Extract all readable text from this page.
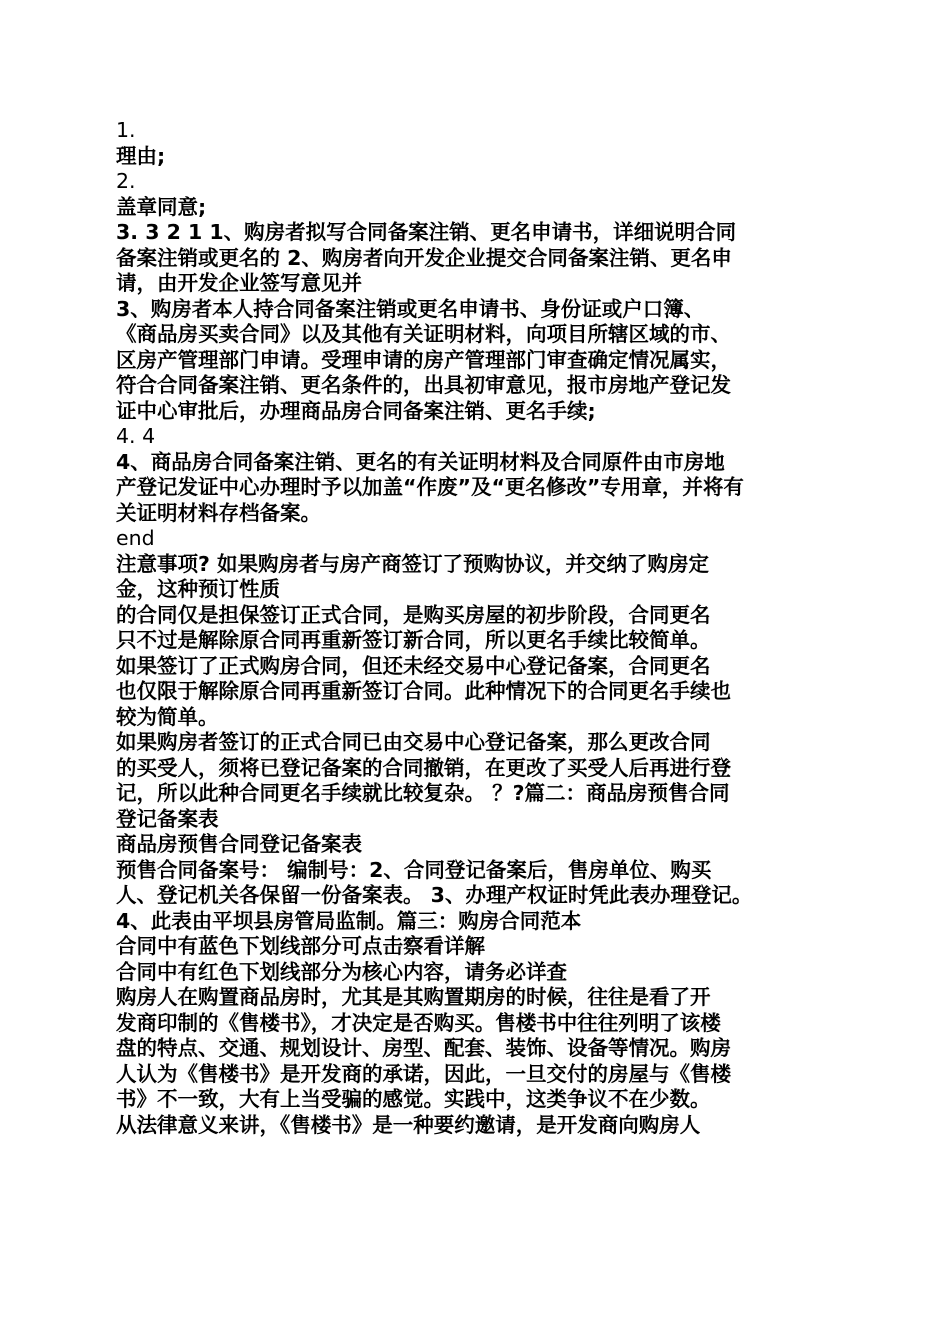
1.
理由;
2.
盖章同意;
3. 3 2 1 1、购房者拟写合同备案注销、更名申请书，详细说明合同
备案注销或更名的 2、购房者向开发企业提交合同备案注销、更名申
请，由开发企业签写意见并
3、购房者本人持合同备案注销或更名申请书、身份证或户口簿、
《商品房买卖合同》以及其他有关证明材料，向项目所辖区域的市、
区房产管理部门申请。受理申请的房产管理部门审查确定情况属实，
符合合同备案注销、更名条件的，出具初审意见，报市房地产登记发
证中心审批后，办理商品房合同备案注销、更名手续;
4. 4
4、商品房合同备案注销、更名的有关证明材料及合同原件由市房地
产登记发证中心办理时予以加盖“作废”及“更名修改”专用章，并将有
关证明材料存档备案。
end
注意事项? 如果购房者与房产商签订了预购协议，并交纳了购房定
金，这种预订性质
的合同仅是担保签订正式合同，是购买房屋的初步阶段，合同更名
只不过是解除原合同再重新签订新合同，所以更名手续比较简单。
如果签订了正式购房合同，但还未经交易中心登记备案，合同更名
也仅限于解除原合同再重新签订合同。此种情况下的合同更名手续也
较为简单。
如果购房者签订的正式合同已由交易中心登记备案，那么更改合同
的买受人，须将已登记备案的合同撤销，在更改了买受人后再进行登
记，所以此种合同更名手续就比较复杂。 ？?篇二：商品房预售合同
登记备案表
商品房预售合同登记备案表
预售合同备案号： 编制号：2、合同登记备案后，售房单位、购买
人、登记机关各保留一份备案表。 3、办理产权证时凭此表办理登记。
4、此表由平坝县房管局监制。篇三：购房合同范本
合同中有蓝色下划线部分可点击察看详解
合同中有红色下划线部分为核心内容，请务必详查
购房人在购置商品房时，尤其是其购置期房的时候，往往是看了开
发商印制的《售楼书》，才决定是否购买。售楼书中往往列明了该楼
盘的特点、交通、规划设计、房型、配套、装饰、设备等情况。购房
人认为《售楼书》是开发商的承诺，因此，一旦交付的房屋与《售楼
书》不一致，大有上当受骗的感觉。实践中，这类争议不在少数。
从法律意义来讲，《售楼书》是一种要约邀请，是开发商向购房人
